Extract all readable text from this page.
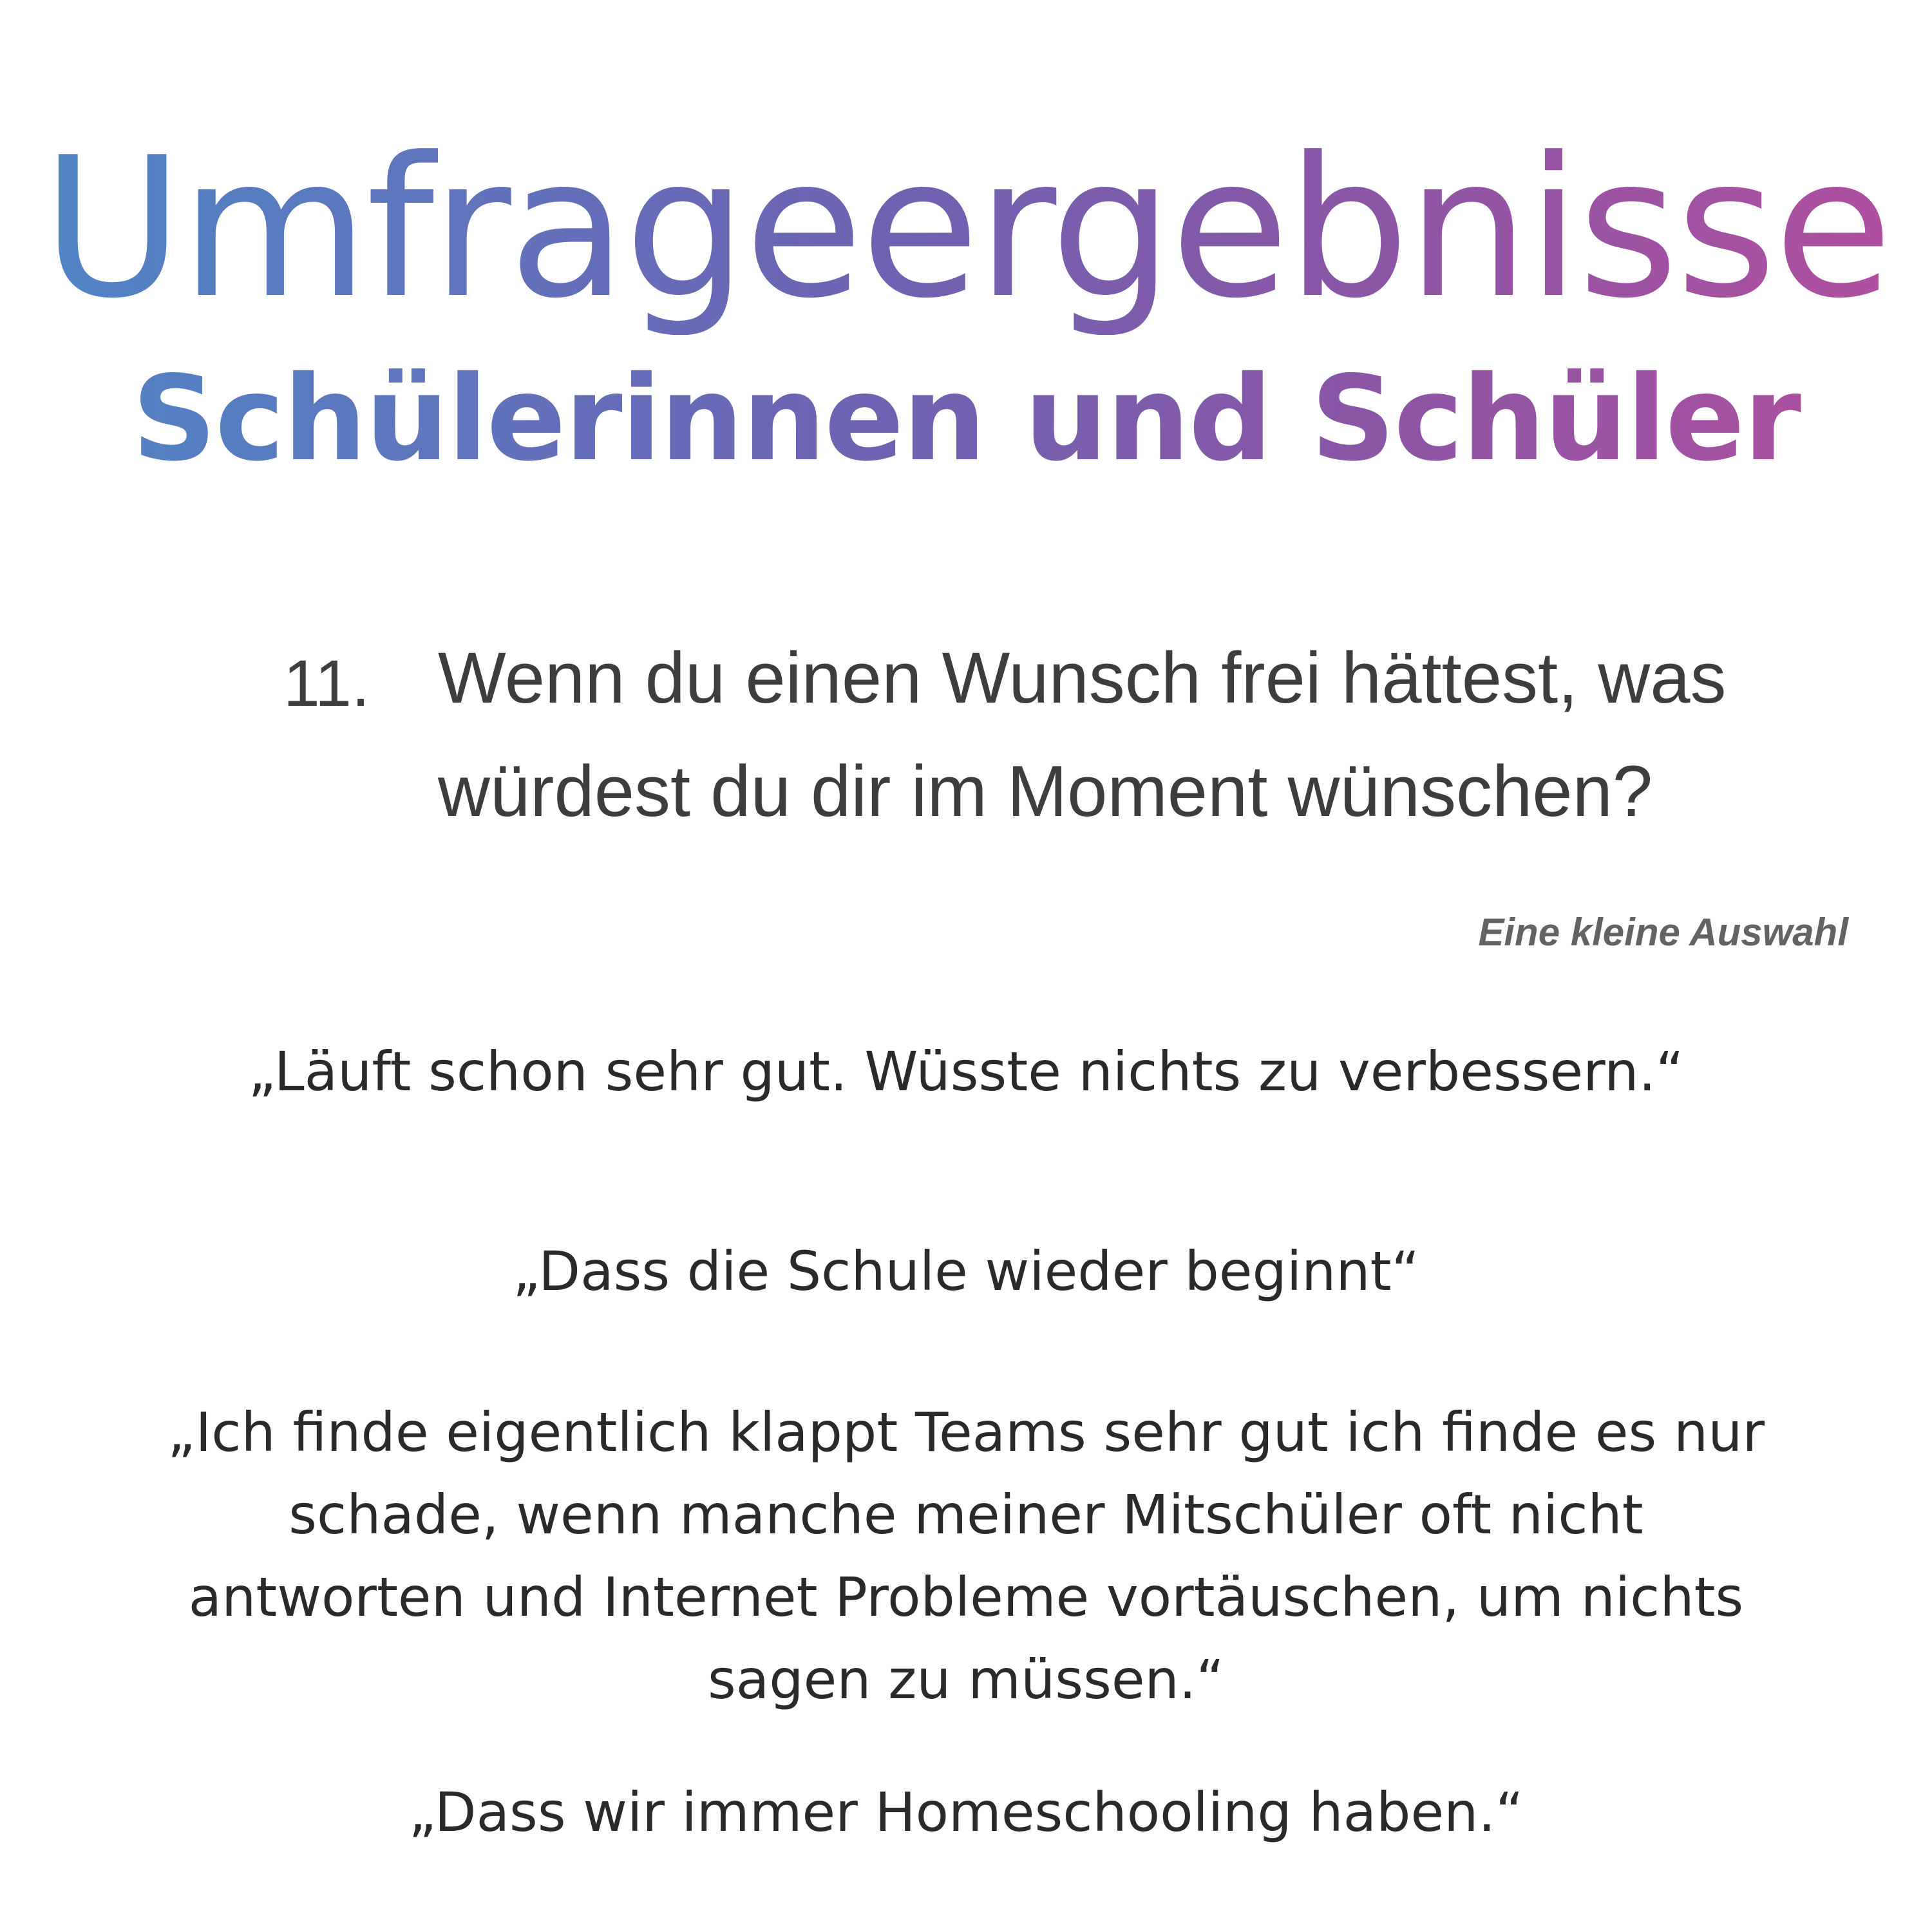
Umfrageergebnisse
Schülerinnen und Schüler
11. Wenn du einen Wunsch frei hättest, was würdest du dir im Moment wünschen?
Eine kleine Auswahl
„Läuft schon sehr gut. Wüsste nichts zu verbessern.“
„Dass die Schule wieder beginnt“
„Ich finde eigentlich klappt Teams sehr gut ich finde es nur schade, wenn manche meiner Mitschüler oft nicht antworten und Internet Probleme vortäuschen, um nichts sagen zu müssen.“
„Dass wir immer Homeschooling haben.“
